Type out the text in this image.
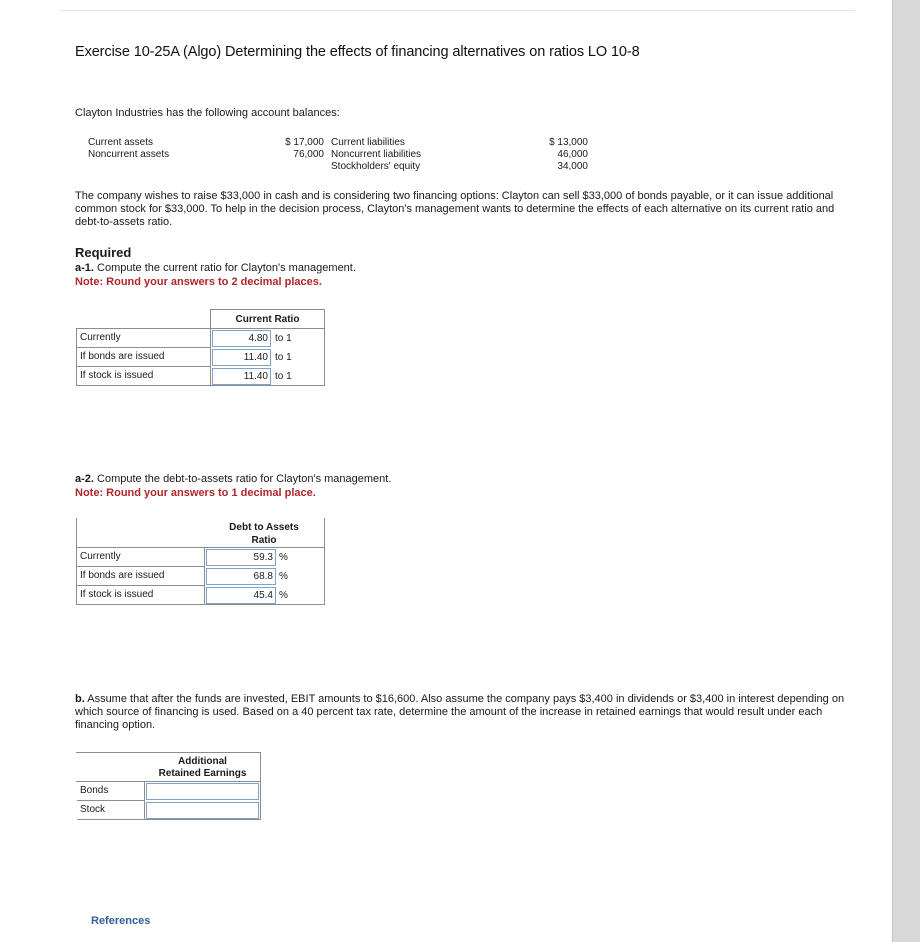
Exercise 10-25A (Algo) Determining the effects of financing alternatives on ratios LO 10-8
Clayton Industries has the following account balances:
Current assets
Noncurrent assets
$ 17,000
76,000
Current liabilities
Noncurrent liabilities
Stockholders' equity
$ 13,000
46,000
34,000
The company wishes to raise $33,000 in cash and is considering two financing options: Clayton can sell $33,000 of bonds payable, or it can issue additional common stock for $33,000. To help in the decision process, Clayton's management wants to determine the effects of each alternative on its current ratio and debt-to-assets ratio.
Required
a-1. Compute the current ratio for Clayton's management.
Note: Round your answers to 2 decimal places.
Current Ratio
Currently
If bonds are issued
If stock is issued
4.80
11.40
11.40
to 1
to 1
to 1
a-2. Compute the debt-to-assets ratio for Clayton's management.
Note: Round your answers to 1 decimal place.
Debt to Assets
Ratio
Currently
If bonds are issued
If stock is issued
59.3
68.8
45.4
%
%
%
b. Assume that after the funds are invested, EBIT amounts to $16,600. Also assume the company pays $3,400 in dividends or $3,400 in interest depending on which source of financing is used. Based on a 40 percent tax rate, determine the amount of the increase in retained earnings that would result under each financing option.
Additional
Retained Earnings
Bonds
Stock
References
